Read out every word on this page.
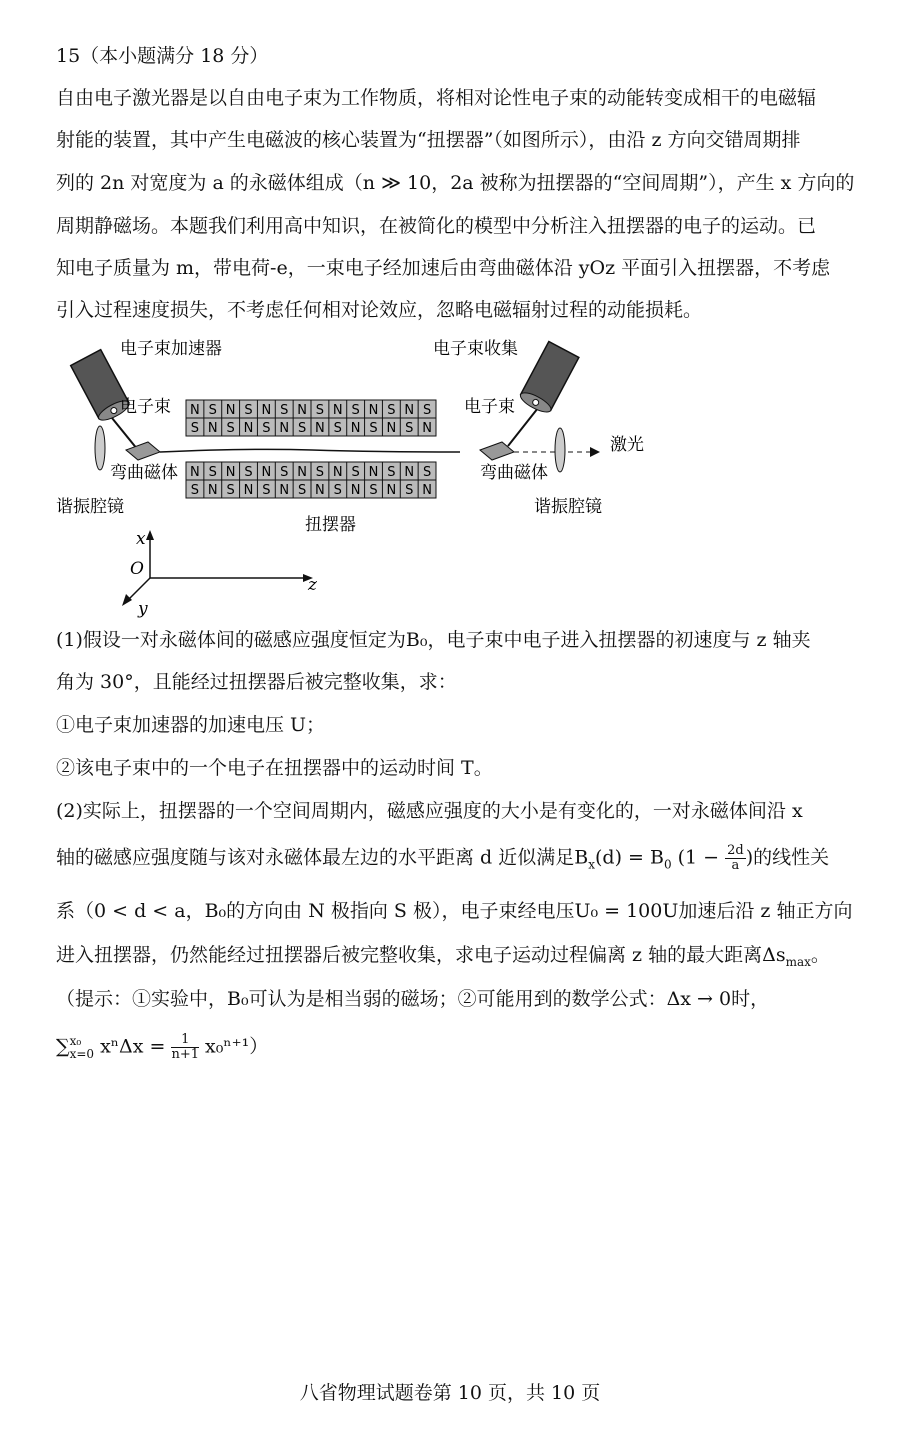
15（本小题满分 18 分）
自由电子激光器是以自由电子束为工作物质，将相对论性电子束的动能转变成相干的电磁辐
射能的装置，其中产生电磁波的核心装置为“扭摆器”（如图所示），由沿 z 方向交错周期排
列的 2n 对宽度为 a 的永磁体组成（n ≫ 10，2a 被称为扭摆器的“空间周期”），产生 x 方向的
周期静磁场。本题我们利用高中知识，在被简化的模型中分析注入扭摆器的电子的运动。已
知电子质量为 m，带电荷-e，一束电子经加速后由弯曲磁体沿 yOz 平面引入扭摆器，不考虑
引入过程速度损失，不考虑任何相对论效应，忽略电磁辐射过程的动能损耗。
N
S
S
N
N
S
S
N
N
S
S
N
N
S
S
N
N
S
S
N
N
S
S
N
N
S
S
N
N
S
S
N
N
S
S
N
N
S
S
N
N
S
S
N
N
S
S
N
N
S
S
N
N
S
S
N
电子束加速器	电子束收集
电子束	电子束
激光
弯曲磁体	弯曲磁体
谐振腔镜	谐振腔镜
扭摆器
x
O
z
y
(1)假设一对永磁体间的磁感应强度恒定为B₀，电子束中电子进入扭摆器的初速度与 z 轴夹
角为 30°，且能经过扭摆器后被完整收集，求：
①电子束加速器的加速电压 U；
②该电子束中的一个电子在扭摆器中的运动时间 T。
(2)实际上，扭摆器的一个空间周期内，磁感应强度的大小是有变化的，一对永磁体间沿 x
轴的磁感应强度随与该对永磁体最左边的水平距离 d 近似满足$B_x(d) = B_0$ ($1 - \frac{2d}{a}$ )的线性关
系（0 < d < a，B₀的方向由 N 极指向 S 极），电子束经电压U₀ = 100U加速后沿 z 轴正方向
进入扭摆器，仍然能经过扭摆器后被完整收集，求电子运动过程偏离 z 轴的最大距离$\Delta s_{max}$。
（提示：①实验中，B₀可认为是相当弱的磁场；②可能用到的数学公式：Δx → 0时，
∑ x₀
x=0 $x^n\Delta x = \frac{1}{n+1} x_0^{n+1}$）
八省物理试题卷第 10 页，共 10 页
